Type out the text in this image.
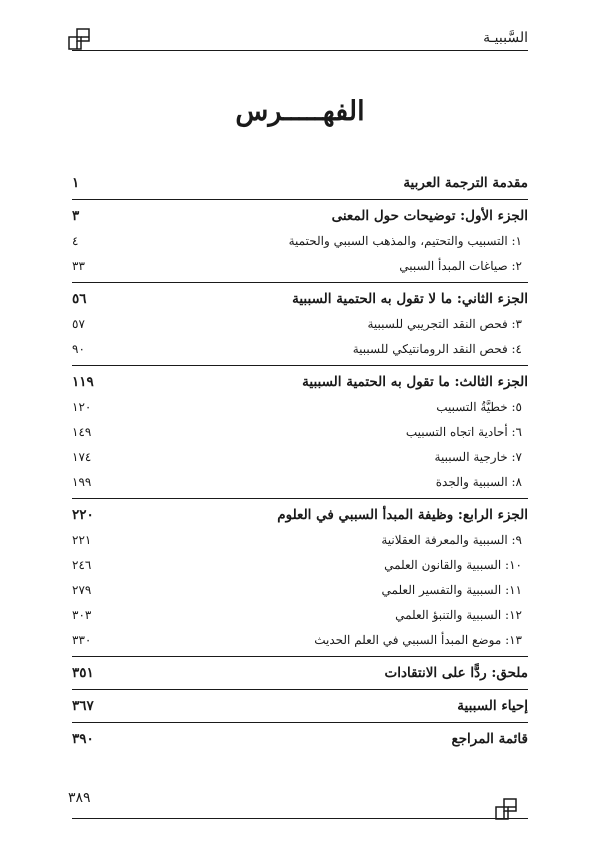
السَّببيـة
الفهـــــرس
مقدمة الترجمة العربية
١
الجزء الأول: توضيحات حول المعنى
٣
١: التسبيب والتحتيم، والمذهب السببي والحتمية
٤
٢: صياغات المبدأ السببي
٣٣
الجزء الثاني: ما لا تقول به الحتمية السببية
٥٦
٣: فحص النقد التجريبي للسببية
٥٧
٤: فحص النقد الرومانتيكي للسببية
٩٠
الجزء الثالث: ما تقول به الحتمية السببية
١١٩
٥: خطيَّةُ التسبيب
١٢٠
٦: أحادية اتجاه التسبيب
١٤٩
٧: خارجية السببية
١٧٤
٨: السببية والجدة
١٩٩
الجزء الرابع: وظيفة المبدأ السببي في العلوم
٢٢٠
٩: السببية والمعرفة العقلانية
٢٢١
١٠: السببية والقانون العلمي
٢٤٦
١١: السببية والتفسير العلمي
٢٧٩
١٢: السببية والتنبؤ العلمي
٣٠٣
١٣: موضع المبدأ السببي في العلم الحديث
٣٣٠
ملحق: ردًّا على الانتقادات
٣٥١
إحياء السببية
٣٦٧
قائمة المراجع
٣٩٠
٣٨٩
